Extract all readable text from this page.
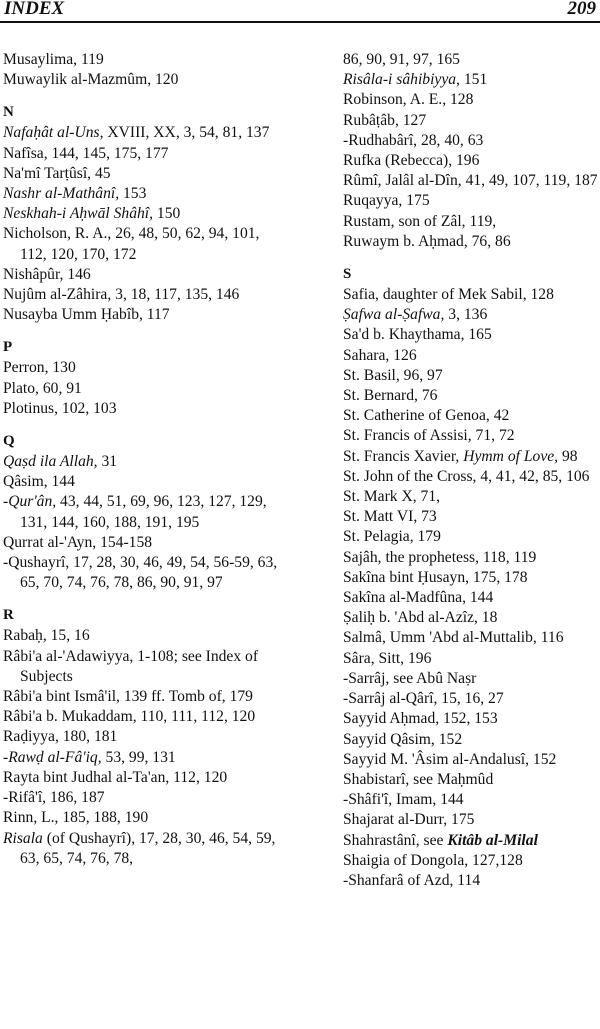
INDEX	209

Musaylima, 119

Muwaylik al-Mazmûm, 120

N

Nafaḥât al-Uns, XVIII, XX, 3, 54, 81, 137

Nafîsa, 144, 145, 175, 177

Na'mî Tarṭûsî, 45

Nashr al-Mathânî, 153

Neskhah-i Aḥwāl Shâhî, 150

Nicholson, R. A., 26, 48, 50, 62, 94, 101, 112, 120, 170, 172

Nishâpûr, 146

Nujûm al-Zâhira, 3, 18, 117, 135, 146

Nusayba Umm Ḥabîb, 117

P

Perron, 130

Plato, 60, 91

Plotinus, 102, 103

Q

Qaṣd ila Allah, 31

Qâsim, 144

-Qur'ân, 43, 44, 51, 69, 96, 123, 127, 129, 131, 144, 160, 188, 191, 195

Qurrat al-'Ayn, 154-158

-Qushayrî, 17, 28, 30, 46, 49, 54, 56-59, 63, 65, 70, 74, 76, 78, 86, 90, 91, 97

R

Rabaḥ, 15, 16

Râbi'a al-'Adawiyya, 1-108; see Index of Subjects

Râbi'a bint Ismâ'il, 139 ff. Tomb of, 179

Râbi'a b. Mukaddam, 110, 111, 112, 120

Raḍiyya, 180, 181

-Rawḍ al-Fâ'iq, 53, 99, 131

Rayta bint Judhal al-Ta'an, 112, 120

-Rifâ'î, 186, 187

Rinn, L., 185, 188, 190

Risala (of Qushayrî), 17, 28, 30, 46, 54, 59, 63, 65, 74, 76, 78,

86, 90, 91, 97, 165

Risâla-i sâhibiyya, 151

Robinson, A. E., 128

Rubâṭâb, 127

-Rudhabârî, 28, 40, 63

Rufka (Rebecca), 196

Rûmî, Jalâl al-Dîn, 41, 49, 107, 119, 187

Ruqayya, 175

Rustam, son of Zâl, 119,

Ruwaym b. Aḥmad, 76, 86

S

Safia, daughter of Mek Sabil, 128

Ṣafwa al-Ṣafwa, 3, 136

Sa'd b. Khaythama, 165

Sahara, 126

St. Basil, 96, 97

St. Bernard, 76

St. Catherine of Genoa, 42

St. Francis of Assisi, 71, 72

St. Francis Xavier, Hymm of Love, 98

St. John of the Cross, 4, 41, 42, 85, 106

St. Mark X, 71,

St. Matt VI, 73

St. Pelagia, 179

Sajâh, the prophetess, 118, 119

Sakîna bint Ḥusayn, 175, 178

Sakîna al-Madfûna, 144

Ṣaliḥ b. 'Abd al-Azîz, 18

Salmâ, Umm 'Abd al-Muttalib, 116

Sâra, Sitt, 196

-Sarrâj, see Abû Naṣr

-Sarrâj al-Qârî, 15, 16, 27

Sayyid Aḥmad, 152, 153

Sayyid Qâsim, 152

Sayyid M. 'Âsim al-Andalusî, 152

Shabistarî, see Maḥmûd

-Shâfi'î, Imam, 144

Shajarat al-Durr, 175

Shahrastânî, see Kitâb al-Milal

Shaigia of Dongola, 127,128

-Shanfarâ of Azd, 114
